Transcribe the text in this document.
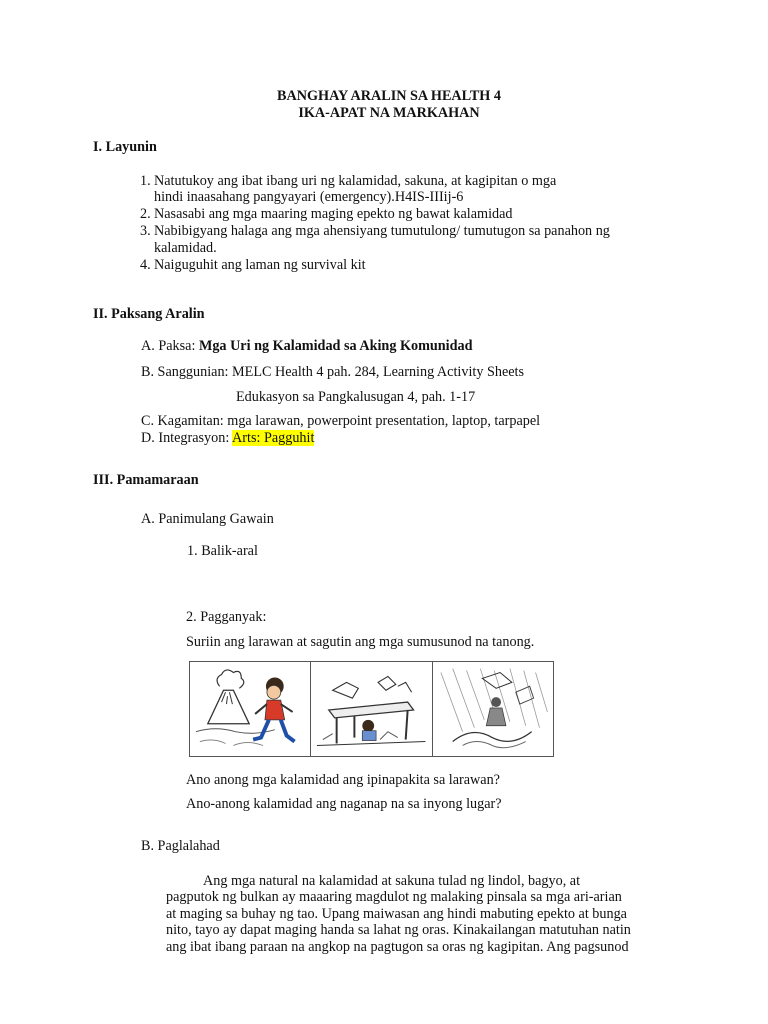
BANGHAY ARALIN SA HEALTH 4
IKA-APAT NA MARKAHAN
I. Layunin
1. Natutukoy ang ibat ibang uri ng kalamidad, sakuna, at kagipitan o mga
hindi inaasahang pangyayari (emergency).H4IS-IIIij-6
2. Nasasabi ang mga maaring maging epekto ng bawat kalamidad
3. Nabibigyang halaga ang mga ahensiyang tumutulong/ tumutugon sa panahon ng
kalamidad.
4. Naiguguhit ang laman ng survival kit
II. Paksang Aralin
A. Paksa: Mga Uri ng Kalamidad sa Aking Komunidad
B. Sanggunian: MELC Health 4 pah. 284, Learning Activity Sheets
Edukasyon sa Pangkalusugan 4, pah. 1-17
C. Kagamitan: mga larawan, powerpoint presentation, laptop, tarpapel
D. Integrasyon: Arts: Pagguhit
III. Pamamaraan
A. Panimulang Gawain
1. Balik-aral
2. Pagganyak:
Suriin ang larawan at sagutin ang mga sumusunod na tanong.
Ano anong mga kalamidad ang ipinapakita sa larawan?
Ano-anong kalamidad ang naganap na sa inyong lugar?
B. Paglalahad
Ang mga natural na kalamidad at sakuna tulad ng lindol, bagyo, at
pagputok ng bulkan ay maaaring magdulot ng malaking pinsala sa mga ari-arian
at maging sa buhay ng tao. Upang maiwasan ang hindi mabuting epekto at bunga
nito, tayo ay dapat maging handa sa lahat ng oras. Kinakailangan matutuhan natin
ang ibat ibang paraan na angkop na pagtugon sa oras ng kagipitan. Ang pagsunod
